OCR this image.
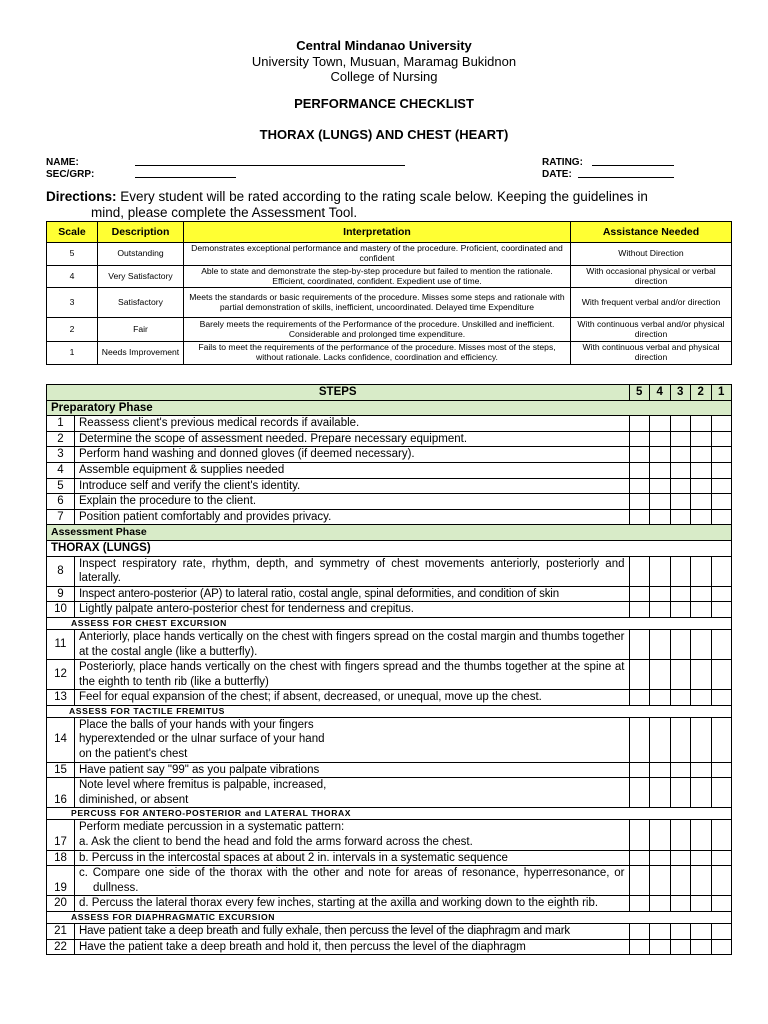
Central Mindanao University
University Town, Musuan, Maramag Bukidnon
College of Nursing
PERFORMANCE CHECKLIST
THORAX (LUNGS) AND CHEST (HEART)
NAME:
SEC/GRP:
RATING:
DATE:
Directions: Every student will be rated according to the rating scale below. Keeping the guidelines in
mind, please complete the Assessment Tool.
Scale	Description	Interpretation	Assistance Needed
5	Outstanding	Demonstrates exceptional performance and mastery of the procedure. Proficient, coordinated and confident	Without Direction
4	Very Satisfactory	Able to state and demonstrate the step-by-step procedure but failed to mention the rationale. Efficient, coordinated, confident. Expedient use of time.	With occasional physical or verbal direction
3	Satisfactory	Meets the standards or basic requirements of the procedure. Misses some steps and rationale with partial demonstration of skills, inefficient, uncoordinated. Delayed time Expenditure	With frequent verbal and/or direction
2	Fair	Barely meets the requirements of the Performance of the procedure. Unskilled and inefficient. Considerable and prolonged time expenditure.	With continuous verbal and/or physical direction
1	Needs Improvement	Fails to meet the requirements of the performance of the procedure. Misses most of the steps, without rationale. Lacks confidence, coordination and efficiency.	With continuous verbal and physical direction
STEPS		5	4	3	2	1
Preparatory Phase						
1	Reassess client's previous medical records if available.					
2	Determine the scope of assessment needed. Prepare necessary equipment.					
3	Perform hand washing and donned gloves (if deemed necessary).					
4	Assemble equipment & supplies needed					
5	Introduce self and verify the client's identity.					
6	Explain the procedure to the client.					
7	Position patient comfortably and provides privacy.					
Assessment Phase						
THORAX (LUNGS)						
8	Inspect respiratory rate, rhythm, depth, and symmetry of chest movements anteriorly, posteriorly and laterally.					
9	Inspect antero-posterior (AP) to lateral ratio, costal angle, spinal deformities, and condition of skin					
10	Lightly palpate antero-posterior chest for tenderness and crepitus.					
ASSESS FOR CHEST EXCURSION						
11	Anteriorly, place hands vertically on the chest with fingers spread on the costal margin and thumbs together at the costal angle (like a butterfly).					
12	Posteriorly, place hands vertically on the chest with fingers spread and the thumbs together at the spine at the eighth to tenth rib (like a butterfly)					
13	Feel for equal expansion of the chest; if absent, decreased, or unequal, move up the chest.					
ASSESS FOR TACTILE FREMITUS						
14	Place the balls of your hands with your fingers
hyperextended or the ulnar surface of your hand
on the patient's chest					

15	Have patient say "99" as you palpate vibrations					
16	Note level where fremitus is palpable, increased,
diminished, or absent					

PERCUSS FOR ANTERO-POSTERIOR and LATERAL THORAX						
17	Perform mediate percussion in a systematic pattern:
a. Ask the client to bend the head and fold the arms forward across the chest.					

18	b. Percuss in the intercostal spaces at about 2 in. intervals in a systematic sequence					
19	c. Compare one side of the thorax with the other and note for areas of resonance, hyperresonance, or dullness.					

20	d. Percuss the lateral thorax every few inches, starting at the axilla and working down to the eighth rib.					

ASSESS FOR DIAPHRAGMATIC EXCURSION						
21	Have patient take a deep breath and fully exhale, then percuss the level of the diaphragm and mark					
22	Have the patient take a deep breath and hold it, then percuss the level of the diaphragm					
